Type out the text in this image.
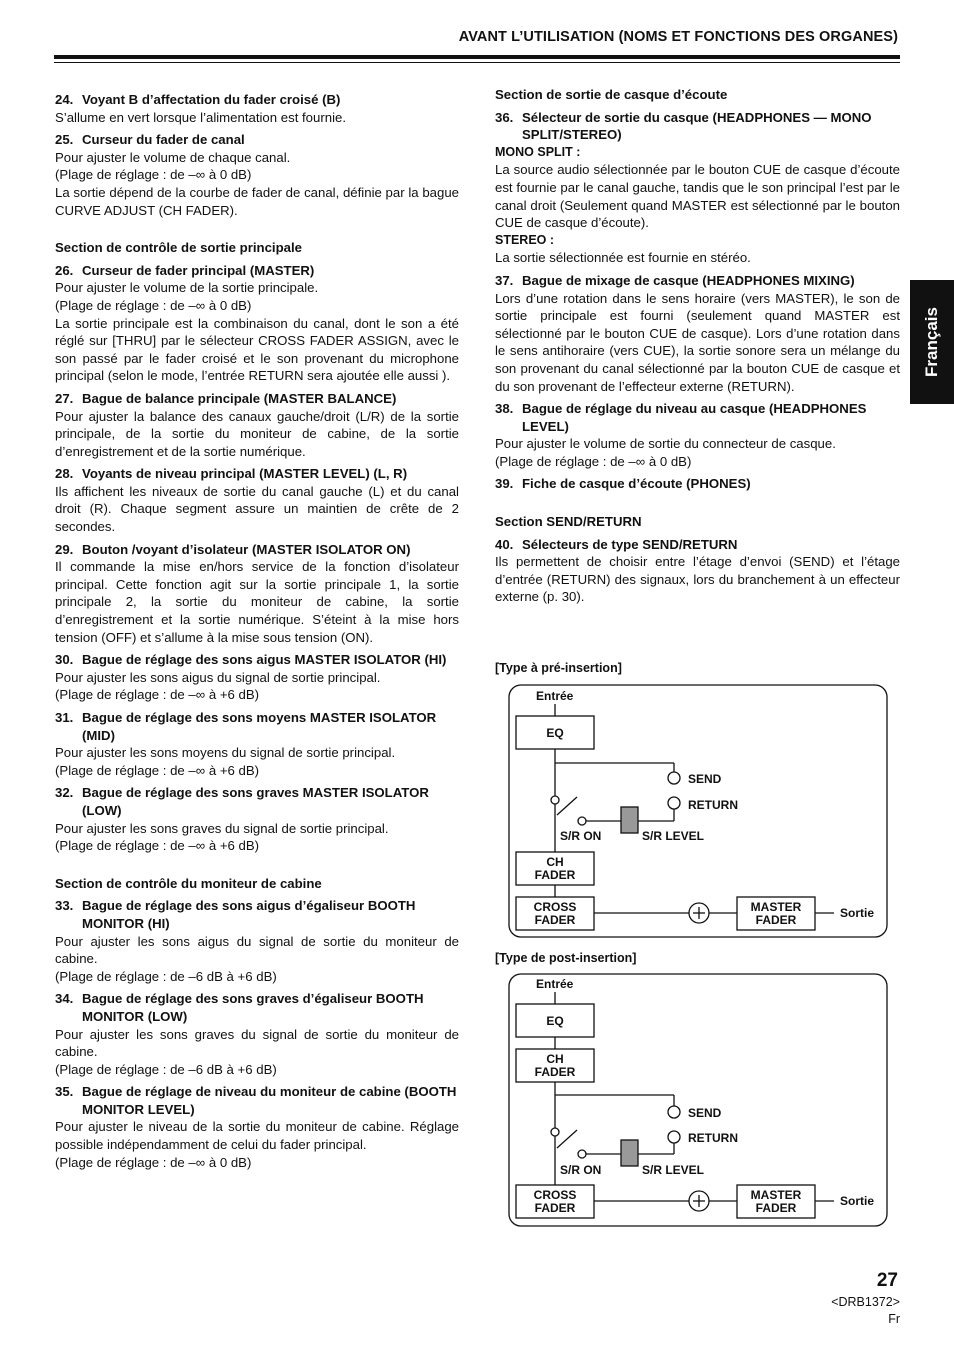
AVANT L’UTILISATION (NOMS ET FONCTIONS DES ORGANES)
Français
24. Voyant B d’affectation du fader croisé (B)
S’allume en vert lorsque l’alimentation est fournie.
25. Curseur du fader de canal
Pour ajuster le volume de chaque canal.
(Plage de réglage : de –∞ à 0 dB)
La sortie dépend de la courbe de fader de canal, définie par la bague CURVE ADJUST (CH FADER).
Section de contrôle de sortie principale
26. Curseur de fader principal (MASTER)
Pour ajuster le volume de la sortie principale.
(Plage de réglage : de –∞ à 0 dB)
La sortie principale est la combinaison du canal, dont le son a été réglé sur [THRU] par le sélecteur CROSS FADER ASSIGN, avec le son passé par le fader croisé et le son provenant du microphone principal (selon le mode, l’entrée RETURN sera ajoutée elle aussi ).
27. Bague de balance principale (MASTER BALANCE)
Pour ajuster la balance des canaux gauche/droit (L/R) de la sortie principale, de la sortie du moniteur de cabine, de la sortie d’enregistrement et de la sortie numérique.
28. Voyants de niveau principal (MASTER LEVEL) (L, R)
Ils affichent les niveaux de sortie du canal gauche (L) et du canal droit (R). Chaque segment assure un maintien de crête de 2 secondes.
29. Bouton /voyant d’isolateur (MASTER ISOLATOR ON)
Il commande la mise en/hors service de la fonction d’isolateur principal. Cette fonction agit sur la sortie principale 1, la sortie principale 2, la sortie du moniteur de cabine, la sortie d’enregistrement et la sortie numérique. S’éteint à la mise hors tension (OFF) et s’allume à la mise sous tension (ON).
30. Bague de réglage des sons aigus MASTER ISOLATOR (HI)
Pour ajuster les sons aigus du signal de sortie principal.
(Plage de réglage : de –∞ à +6 dB)
31. Bague de réglage des sons moyens MASTER ISOLATOR (MID)
Pour ajuster les sons moyens du signal de sortie principal.
(Plage de réglage : de –∞ à +6 dB)
32. Bague de réglage des sons graves MASTER ISOLATOR (LOW)
Pour ajuster les sons graves du signal de sortie principal.
(Plage de réglage : de –∞ à +6 dB)
Section de contrôle du moniteur de cabine
33. Bague de réglage des sons aigus d’égaliseur BOOTH MONITOR (HI)
Pour ajuster les sons aigus du signal de sortie du moniteur de cabine.
(Plage de réglage : de –6 dB à +6 dB)
34. Bague de réglage des sons graves d’égaliseur BOOTH MONITOR (LOW)
Pour ajuster les sons graves du signal de sortie du moniteur de cabine.
(Plage de réglage : de –6 dB à +6 dB)
35. Bague de réglage de niveau du moniteur de cabine (BOOTH MONITOR LEVEL)
Pour ajuster le niveau de la sortie du moniteur de cabine. Réglage possible indépendamment de celui du fader principal.
(Plage de réglage : de –∞ à 0 dB)
Section de sortie de casque d’écoute
36. Sélecteur de sortie du casque (HEADPHONES — MONO SPLIT/STEREO)
MONO SPLIT :
La source audio sélectionnée par le bouton CUE de casque d’écoute est fournie par le canal gauche, tandis que le son principal l’est par le canal droit (Seulement quand MASTER est sélectionné par le bouton CUE de casque d’écoute).
STEREO :
La sortie sélectionnée est fournie en stéréo.
37. Bague de mixage de casque (HEADPHONES MIXING)
Lors d’une rotation dans le sens horaire (vers MASTER), le son de sortie principale est fourni (seulement quand MASTER est sélectionné par le bouton CUE de casque). Lors d’une rotation dans le sens antihoraire (vers CUE), la sortie sonore sera un mélange du son provenant du canal sélectionné par la bouton CUE de casque et du son provenant de l’effecteur externe (RETURN).
38. Bague de réglage du niveau au casque (HEADPHONES LEVEL)
Pour ajuster le volume de sortie du connecteur de casque.
(Plage de réglage : de –∞ à 0 dB)
39. Fiche de casque d’écoute (PHONES)
Section SEND/RETURN
40. Sélecteurs de type SEND/RETURN
Ils permettent de choisir entre l’étage d’envoi (SEND) et l’étage d’entrée (RETURN) des signaux, lors du branchement à un effecteur externe (p. 30).
[Type à pré-insertion]
Entrée
EQ
SEND
RETURN
S/R ON	S/R LEVEL
CH
FADER
CROSS
FADER
MASTER
FADER	Sortie
[Type de post-insertion]
Entrée
EQ
CH
FADER
SEND
RETURN
S/R ON	S/R LEVEL
CROSS
FADER
MASTER
FADER	Sortie
27
<DRB1372>
Fr
